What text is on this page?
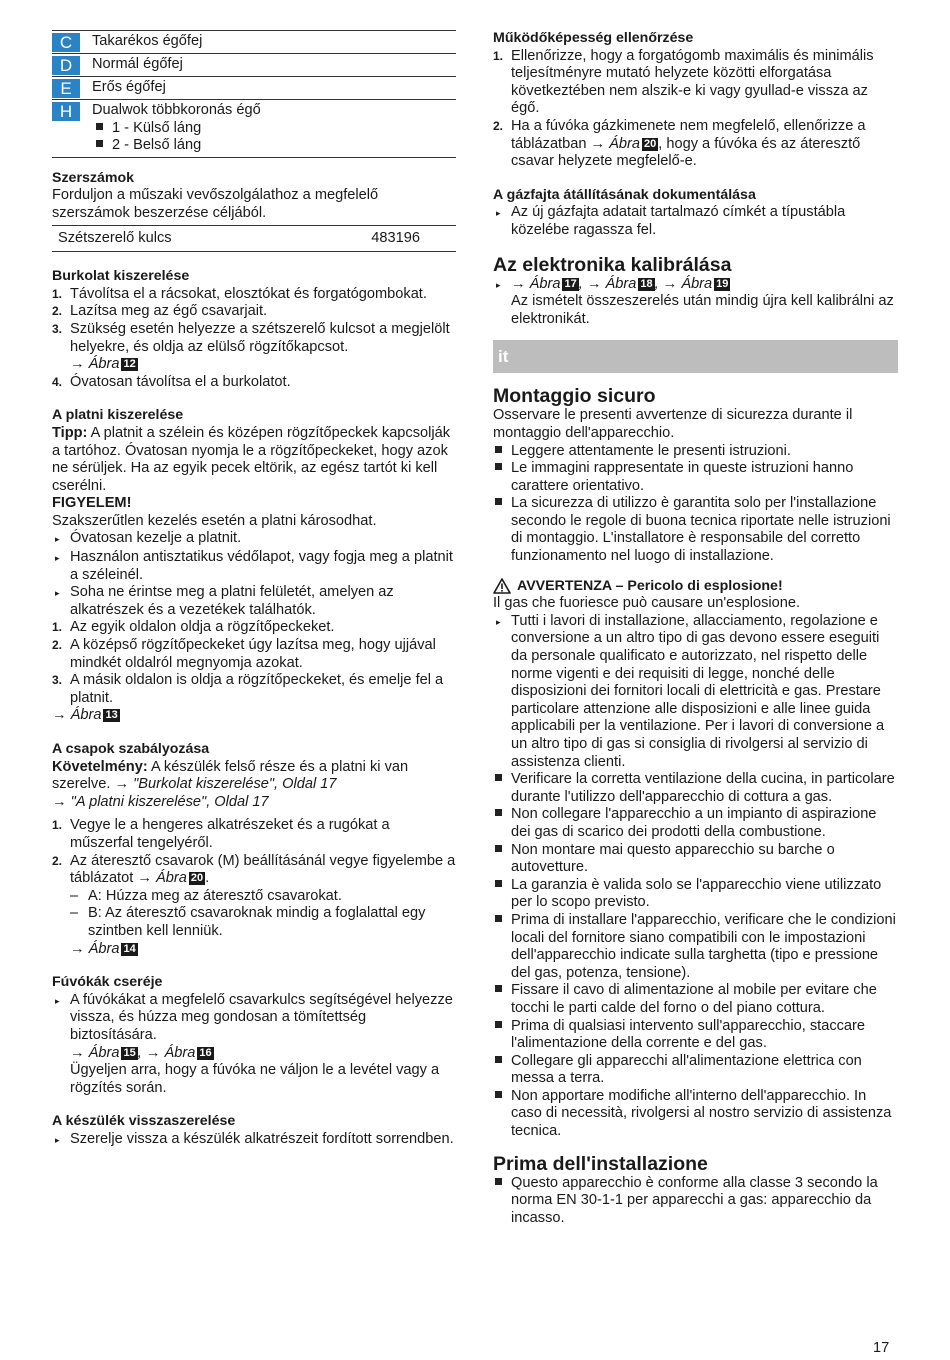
C	Takarékos égőfej
D	Normál égőfej
E	Erős égőfej
H	Dualwok többkoronás égő
1 - Külső láng
2 - Belső láng

Szerszámok

Forduljon a műszaki vevőszolgálathoz a megfelelő szerszámok beszerzése céljából.

Szétszerelő kulcs	483196

Burkolat kiszerelése

1. Távolítsa el a rácsokat, elosztókat és forgatógombokat.
2. Lazítsa meg az égő csavarjait.
3. Szükség esetén helyezze a szétszerelő kulcsot a megjelölt helyekre, és oldja az elülső rögzítőkapcsot.
→ Ábra 12
4. Óvatosan távolítsa el a burkolatot.

A platni kiszerelése

Tipp: A platnit a szélein és középen rögzítőpeckek kapcsolják a tartóhoz. Óvatosan nyomja le a rögzítőpeckeket, hogy azok ne sérüljek. Ha az egyik pecek eltörik, az egész tartót ki kell cserélni.

FIGYELEM!

Szakszerűtlen kezelés esetén a platni károsodhat.

▸ Óvatosan kezelje a platnit.
▸ Használon antisztatikus védőlapot, vagy fogja meg a platnit a széleinél.
▸ Soha ne érintse meg a platni felületét, amelyen az alkatrészek és a vezetékek találhatók.
1. Az egyik oldalon oldja a rögzítőpeckeket.
2. A középső rögzítőpeckeket úgy lazítsa meg, hogy ujjával mindkét oldalról megnyomja azokat.
3. A másik oldalon is oldja a rögzítőpeckeket, és emelje fel a platnit.

→ Ábra 13

A csapok szabályozása

Követelmény: A készülék felső része és a platni ki van szerelve. → "Burkolat kiszerelése", Oldal 17
→ "A platni kiszerelése", Oldal 17

1. Vegye le a hengeres alkatrészeket és a rugókat a műszerfal tengelyéről.
2. Az áteresztő csavarok (M) beállításánál vegye figyelembe a táblázatot → Ábra 20 .
– A: Húzza meg az áteresztő csavarokat.
– B: Az áteresztő csavaroknak mindig a foglalattal egy szintben kell lenniük.

→ Ábra 14

Fúvókák cseréje

▸ A fúvókákat a megfelelő csavarkulcs segítségével helyezze vissza, és húzza meg gondosan a tömítettség biztosítására.
→ Ábra 15 , → Ábra 16
Ügyeljen arra, hogy a fúvóka ne váljon le a levétel vagy a rögzítés során.

A készülék visszaszerelése

▸ Szerelje vissza a készülék alkatrészeit fordított sorrendben.

Működőképesség ellenőrzése

1. Ellenőrizze, hogy a forgatógomb maximális és minimális teljesítményre mutató helyzete közötti elforgatása következtében nem alszik-e ki vagy gyullad-e vissza az égő.
2. Ha a fúvóka gázkimenete nem megfelelő, ellenőrizze a táblázatban → Ábra 20 , hogy a fúvóka és az áteresztő csavar helyzete megfelelő-e.

A gázfajta átállításának dokumentálása

▸ Az új gázfajta adatait tartalmazó címkét a típustábla közelébe ragassza fel.

Az elektronika kalibrálása

▸ → Ábra 17 , → Ábra 18 , → Ábra 19
Az ismételt összeszerelés után mindig újra kell kalibrálni az elektronikát.
it

Montaggio sicuro

Osservare le presenti avvertenze di sicurezza durante il montaggio dell'apparecchio.

Leggere attentamente le presenti istruzioni.
Le immagini rappresentate in queste istruzioni hanno carattere orientativo.
La sicurezza di utilizzo è garantita solo per l'installazione secondo le regole di buona tecnica riportate nelle istruzioni di montaggio. L'installatore è responsabile del corretto funzionamento nel luogo di installazione.
AVVERTENZA – Pericolo di esplosione!

Il gas che fuoriesce può causare un'esplosione.

▸ Tutti i lavori di installazione, allacciamento, regolazione e conversione a un altro tipo di gas devono essere eseguiti da personale qualificato e autorizzato, nel rispetto delle norme vigenti e dei requisiti di legge, nonché delle disposizioni dei fornitori locali di elettricità e gas. Prestare particolare attenzione alle disposizioni e alle linee guida applicabili per la ventilazione. Per i lavori di conversione a un altro tipo di gas si consiglia di rivolgersi al servizio di assistenza clienti.
Verificare la corretta ventilazione della cucina, in particolare durante l'utilizzo dell'apparecchio di cottura a gas.
Non collegare l'apparecchio a un impianto di aspirazione dei gas di scarico dei prodotti della combustione.
Non montare mai questo apparecchio su barche o autovetture.
La garanzia è valida solo se l'apparecchio viene utilizzato per lo scopo previsto.
Prima di installare l'apparecchio, verificare che le condizioni locali del fornitore siano compatibili con le impostazioni dell'apparecchio indicate sulla targhetta (tipo e pressione del gas, potenza, tensione).
Fissare il cavo di alimentazione al mobile per evitare che tocchi le parti calde del forno o del piano cottura.
Prima di qualsiasi intervento sull'apparecchio, staccare l'alimentazione della corrente e del gas.
Collegare gli apparecchi all'alimentazione elettrica con messa a terra.
Non apportare modifiche all'interno dell'apparecchio. In caso di necessità, rivolgersi al nostro servizio di assistenza tecnica.

Prima dell'installazione

Questo apparecchio è conforme alla classe 3 secondo la norma EN 30-1-1 per apparecchi a gas: apparecchio da incasso.
17
